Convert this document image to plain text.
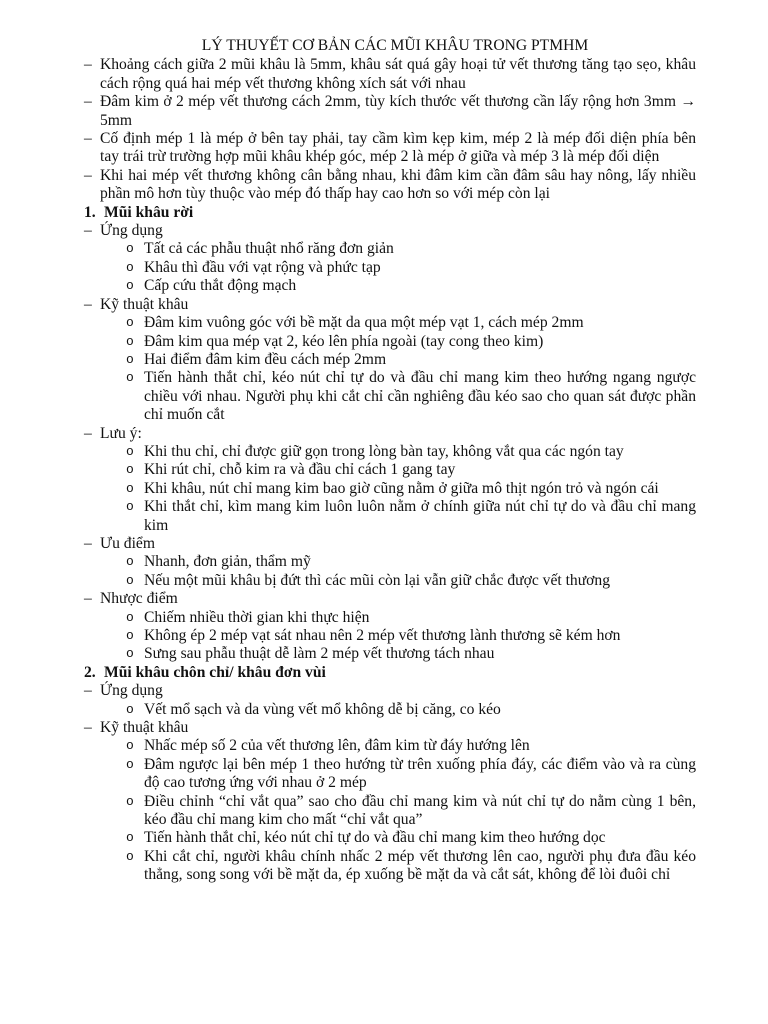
LÝ THUYẾT CƠ BẢN CÁC MŨI KHÂU TRONG PTMHM
– Khoảng cách giữa 2 mũi khâu là 5mm, khâu sát quá gây hoại tử vết thương tăng tạo sẹo, khâu cách rộng quá hai mép vết thương không xích sát với nhau
– Đâm kim ở 2 mép vết thương cách 2mm, tùy kích thước vết thương cần lấy rộng hơn 3mm → 5mm
– Cố định mép 1 là mép ở bên tay phải, tay cầm kìm kẹp kim, mép 2 là mép đối diện phía bên tay trái trừ trường hợp mũi khâu khép góc, mép 2 là mép ở giữa và mép 3 là mép đối diện
– Khi hai mép vết thương không cân bằng nhau, khi đâm kim cần đâm sâu hay nông, lấy nhiều phần mô hơn tùy thuộc vào mép đó thấp hay cao hơn so với mép còn lại
1. Mũi khâu rời
– Ứng dụng
o Tất cả các phẫu thuật nhổ răng đơn giản
o Khâu thì đầu với vạt rộng và phức tạp
o Cấp cứu thắt động mạch
– Kỹ thuật khâu
o Đâm kim vuông góc với bề mặt da qua một mép vạt 1, cách mép 2mm
o Đâm kim qua mép vạt 2, kéo lên phía ngoài (tay cong theo kim)
o Hai điểm đâm kim đều cách mép 2mm
o Tiến hành thắt chỉ, kéo nút chỉ tự do và đầu chỉ mang kim theo hướng ngang ngược chiều với nhau. Người phụ khi cắt chỉ cần nghiêng đầu kéo sao cho quan sát được phần chỉ muốn cắt
– Lưu ý:
o Khi thu chỉ, chỉ được giữ gọn trong lòng bàn tay, không vắt qua các ngón tay
o Khi rút chỉ, chỗ kim ra và đầu chỉ cách 1 gang tay
o Khi khâu, nút chỉ mang kim bao giờ cũng nằm ở giữa mô thịt ngón trỏ và ngón cái
o Khi thắt chỉ, kìm mang kim luôn luôn nằm ở chính giữa nút chỉ tự do và đầu chỉ mang kim
– Ưu điểm
o Nhanh, đơn giản, thẩm mỹ
o Nếu một mũi khâu bị đứt thì các mũi còn lại vẫn giữ chắc được vết thương
– Nhược điểm
o Chiếm nhiều thời gian khi thực hiện
o Không ép 2 mép vạt sát nhau nên 2 mép vết thương lành thương sẽ kém hơn
o Sưng sau phẫu thuật dễ làm 2 mép vết thương tách nhau
2. Mũi khâu chôn chỉ/ khâu đơn vùi
– Ứng dụng
o Vết mổ sạch và da vùng vết mổ không dễ bị căng, co kéo
– Kỹ thuật khâu
o Nhấc mép số 2 của vết thương lên, đâm kim từ đáy hướng lên
o Đâm ngược lại bên mép 1 theo hướng từ trên xuống phía đáy, các điểm vào và ra cùng độ cao tương ứng với nhau ở 2 mép
o Điều chỉnh “chỉ vắt qua” sao cho đầu chỉ mang kim và nút chỉ tự do nằm cùng 1 bên, kéo đầu chỉ mang kim cho mất “chỉ vắt qua”
o Tiến hành thắt chỉ, kéo nút chỉ tự do và đầu chỉ mang kim theo hướng dọc
o Khi cắt chỉ, người khâu chính nhấc 2 mép vết thương lên cao, người phụ đưa đầu kéo thẳng, song song với bề mặt da, ép xuống bề mặt da và cắt sát, không để lòi đuôi chỉ
